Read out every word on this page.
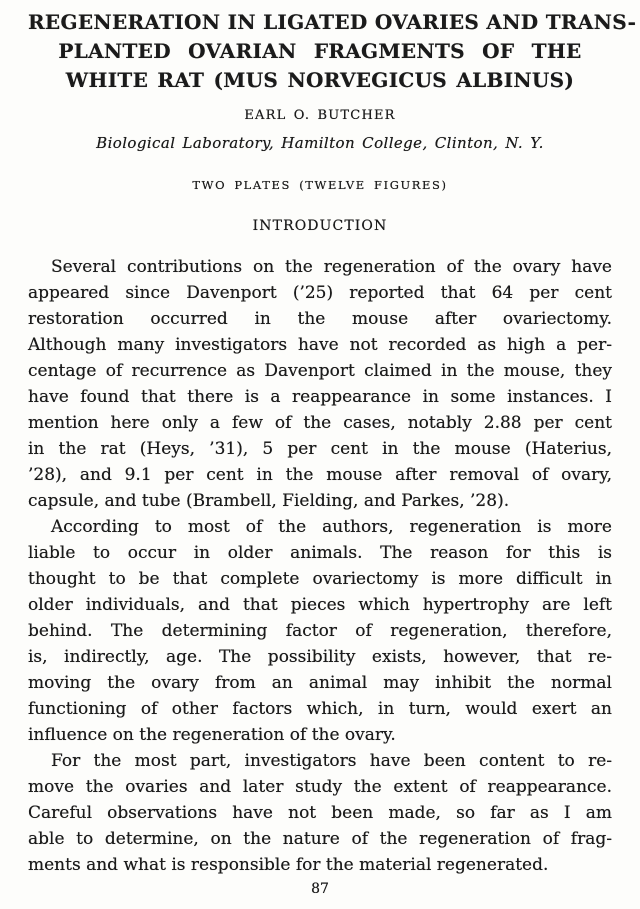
REGENERATION IN LIGATED OVARIES AND TRANS-
PLANTED OVARIAN FRAGMENTS OF THE
WHITE RAT (MUS NORVEGICUS ALBINUS)
EARL O. BUTCHER
Biological Laboratory, Hamilton College, Clinton, N. Y.
TWO PLATES (TWELVE FIGURES)
INTRODUCTION
Several contributions on the regeneration of the ovary have
appeared since Davenport (’25) reported that 64 per cent
restoration occurred in the mouse after ovariectomy.
Although many investigators have not recorded as high a per-
centage of recurrence as Davenport claimed in the mouse, they
have found that there is a reappearance in some instances. I
mention here only a few of the cases, notably 2.88 per cent
in the rat (Heys, ’31), 5 per cent in the mouse (Haterius,
’28), and 9.1 per cent in the mouse after removal of ovary,
capsule, and tube (Brambell, Fielding, and Parkes, ’28).
According to most of the authors, regeneration is more
liable to occur in older animals. The reason for this is
thought to be that complete ovariectomy is more difficult in
older individuals, and that pieces which hypertrophy are left
behind. The determining factor of regeneration, therefore,
is, indirectly, age. The possibility exists, however, that re-
moving the ovary from an animal may inhibit the normal
functioning of other factors which, in turn, would exert an
influence on the regeneration of the ovary.
For the most part, investigators have been content to re-
move the ovaries and later study the extent of reappearance.
Careful observations have not been made, so far as I am
able to determine, on the nature of the regeneration of frag-
ments and what is responsible for the material regenerated.
87
